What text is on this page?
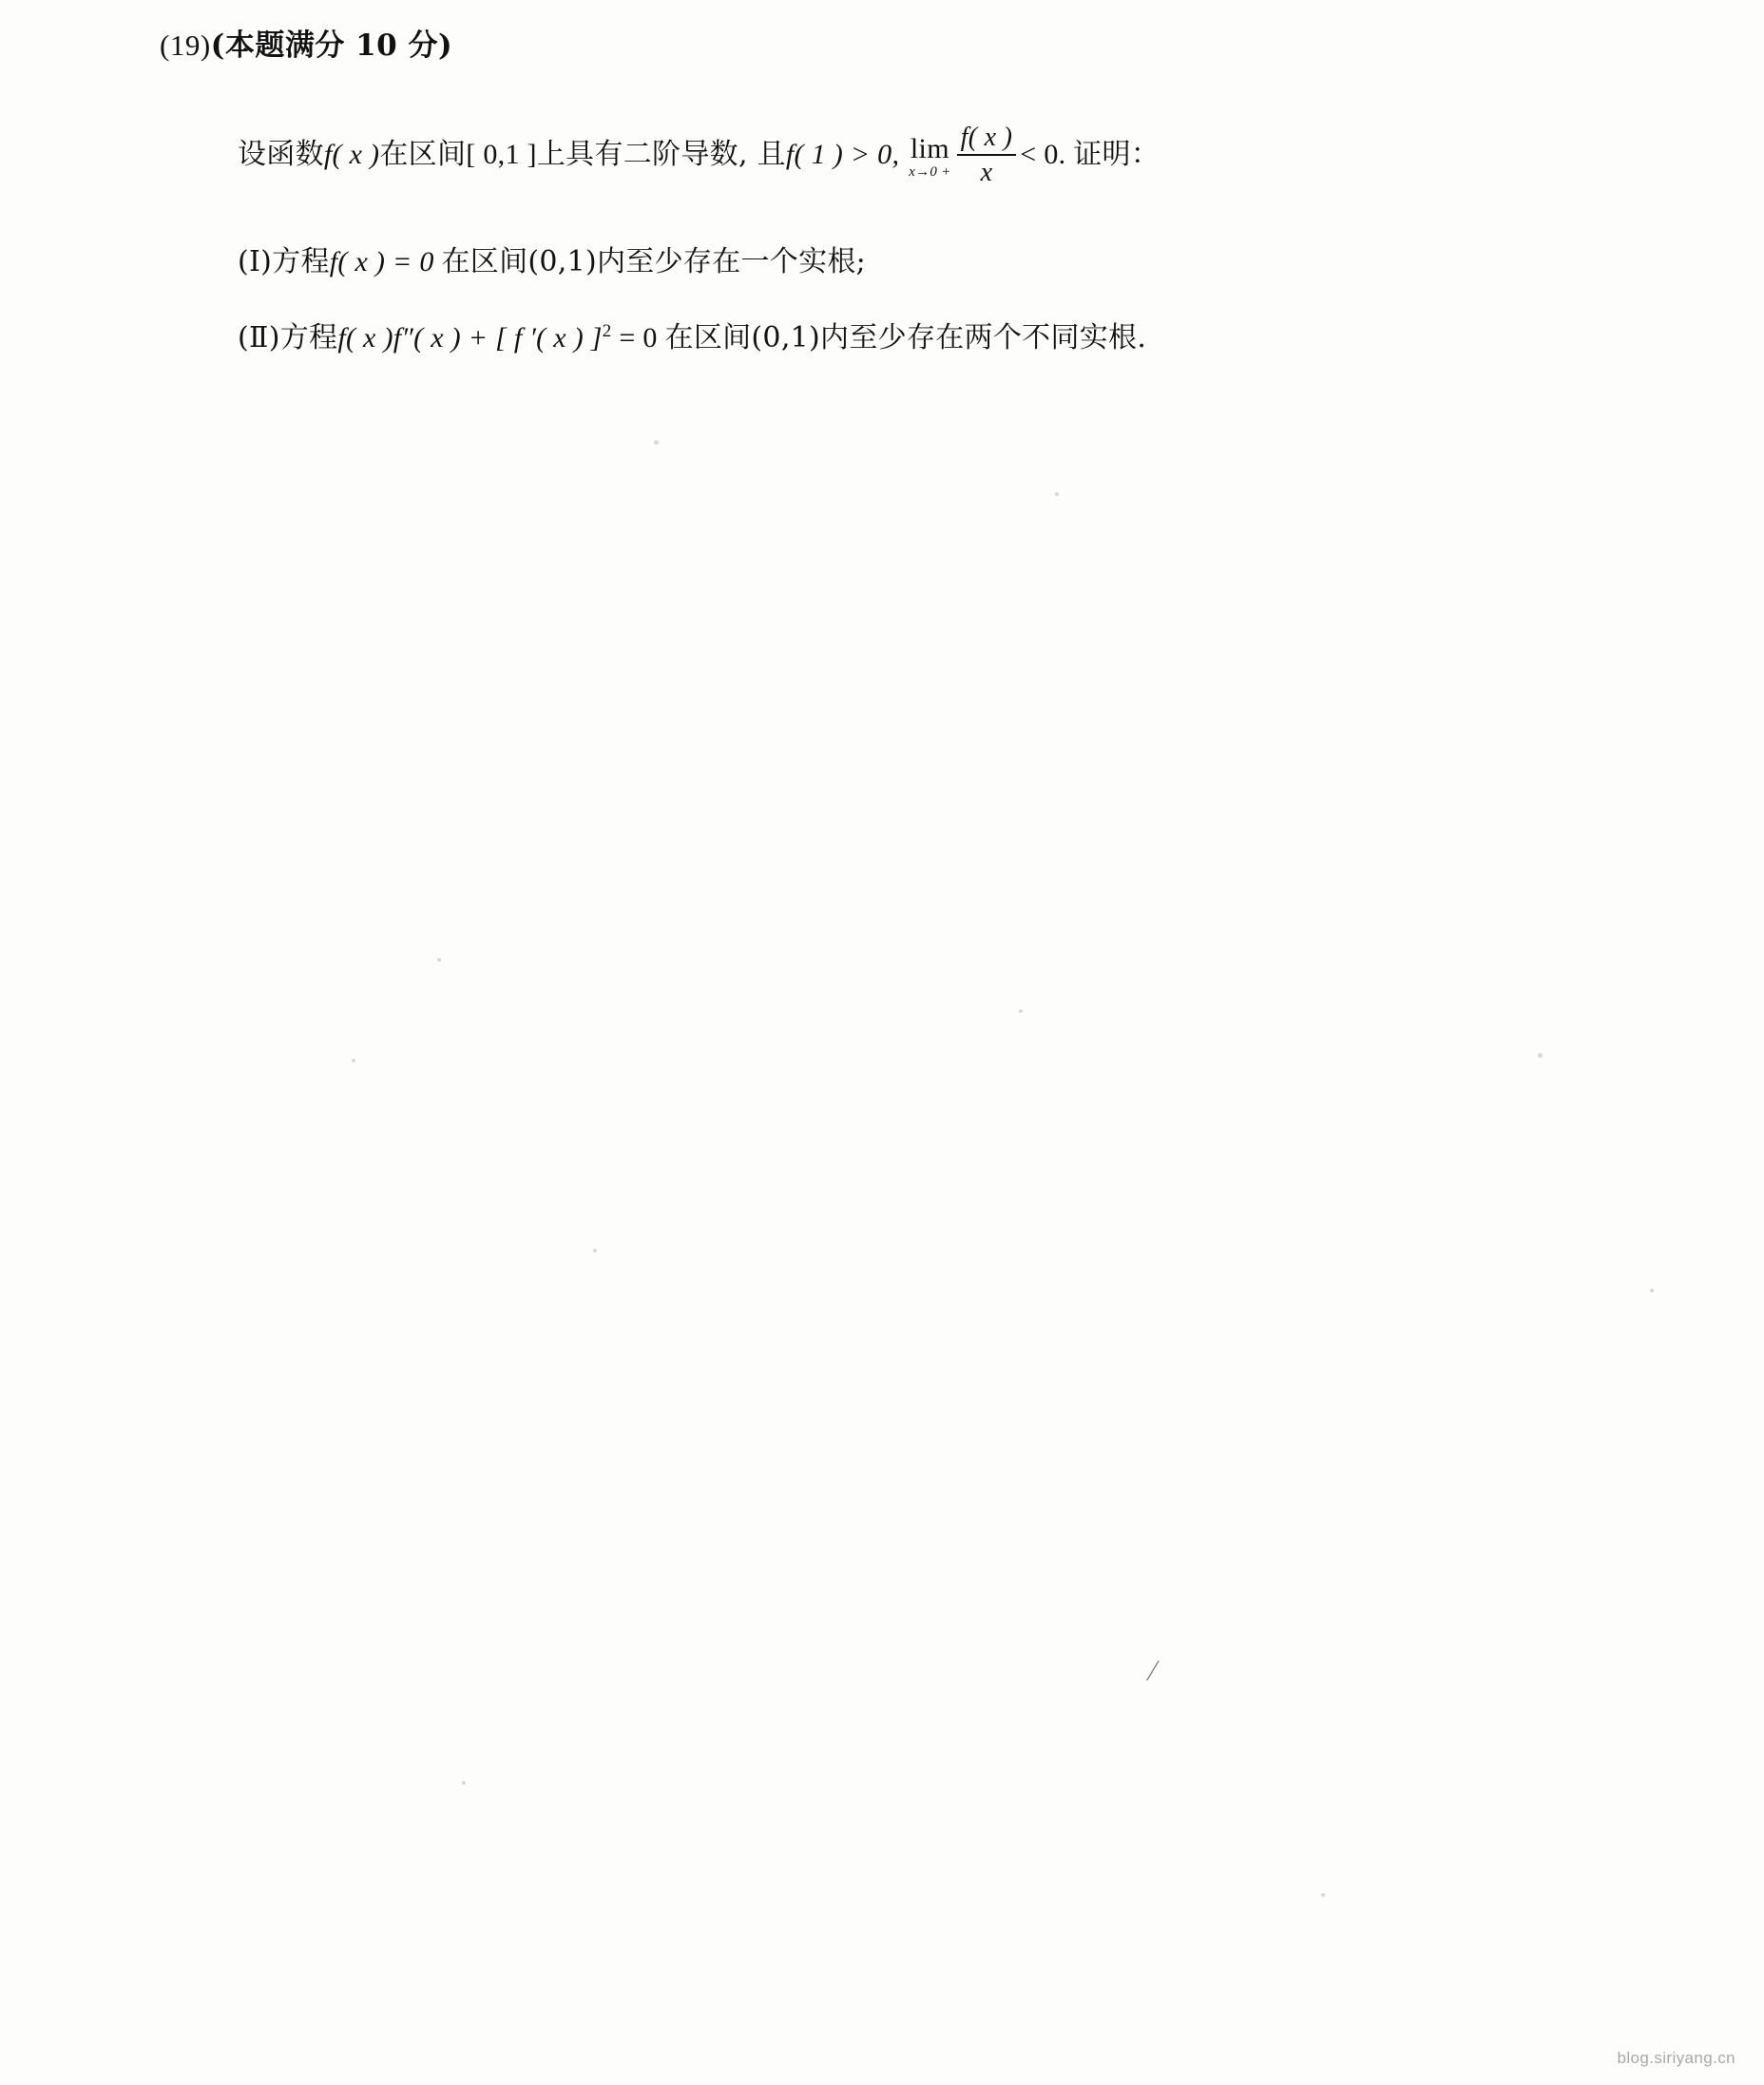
/
(19)(本题满分 10 分)
设函数f( x )在区间[ 0,1 ]上具有二阶导数, 且f( 1 ) > 0, lim
$x\to 0 + \frac{f( x )}{x} < 0$. 证明：
(Ⅰ)方程f( x ) = 0 在区间(0,1)内至少存在一个实根;
(Ⅱ)方程f( x )f″( x ) + [ f ′( x ) ]$^2$ = 0 在区间(0,1)内至少存在两个不同实根.
blog.siriyang.cn
